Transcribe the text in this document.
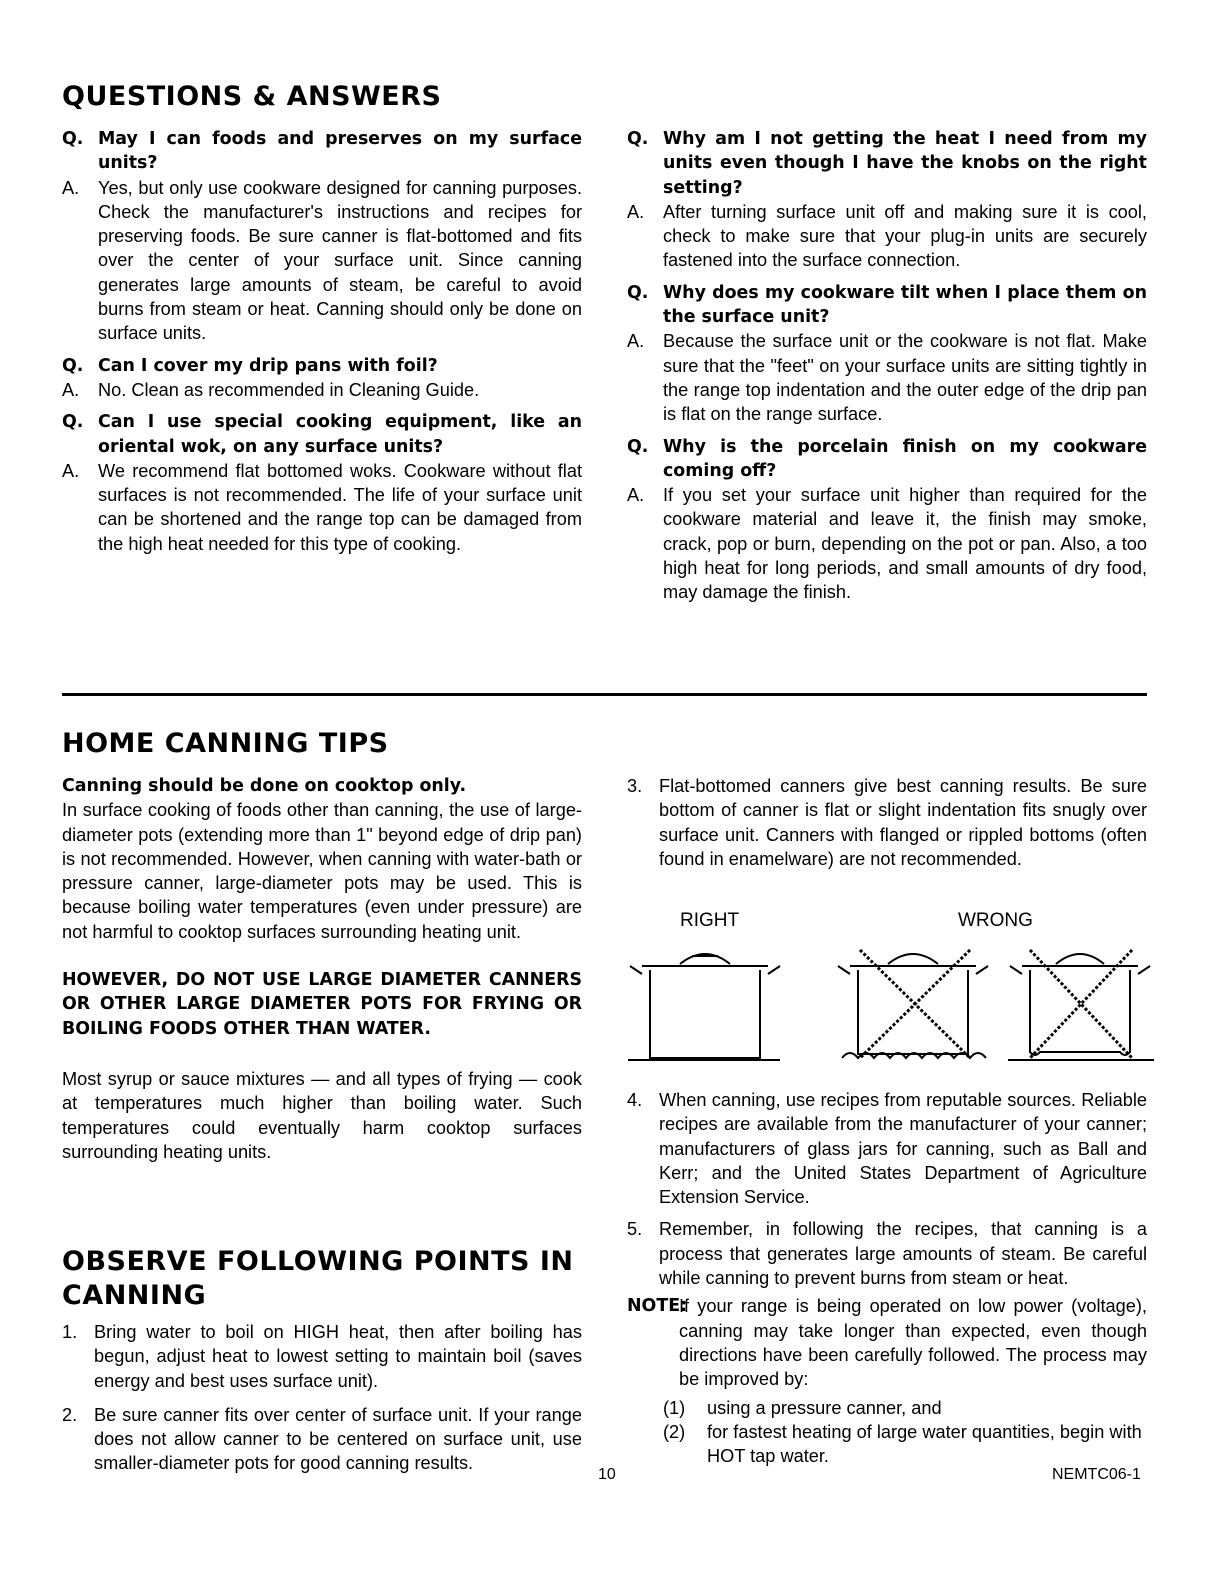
QUESTIONS & ANSWERS
Q. May I can foods and preserves on my surface units?
A. Yes, but only use cookware designed for canning purposes. Check the manufacturer's instructions and recipes for preserving foods. Be sure canner is flat-bottomed and fits over the center of your surface unit. Since canning generates large amounts of steam, be careful to avoid burns from steam or heat. Canning should only be done on surface units.
Q. Can I cover my drip pans with foil?
A. No. Clean as recommended in Cleaning Guide.
Q. Can I use special cooking equipment, like an oriental wok, on any surface units?
A. We recommend flat bottomed woks. Cookware without flat surfaces is not recommended. The life of your surface unit can be shortened and the range top can be damaged from the high heat needed for this type of cooking.
Q. Why am I not getting the heat I need from my units even though I have the knobs on the right setting?
A. After turning surface unit off and making sure it is cool, check to make sure that your plug-in units are securely fastened into the surface connection.
Q. Why does my cookware tilt when I place them on the surface unit?
A. Because the surface unit or the cookware is not flat. Make sure that the "feet" on your surface units are sitting tightly in the range top indentation and the outer edge of the drip pan is flat on the range surface.
Q. Why is the porcelain finish on my cookware coming off?
A. If you set your surface unit higher than required for the cookware material and leave it, the finish may smoke, crack, pop or burn, depending on the pot or pan. Also, a too high heat for long periods, and small amounts of dry food, may damage the finish.
HOME CANNING TIPS

Canning should be done on cooktop only.

In surface cooking of foods other than canning, the use of large-diameter pots (extending more than 1" beyond edge of drip pan) is not recommended. However, when canning with water-bath or pressure canner, large-diameter pots may be used. This is because boiling water temperatures (even under pressure) are not harmful to cooktop surfaces surrounding heating unit.

HOWEVER, DO NOT USE LARGE DIAMETER CANNERS OR OTHER LARGE DIAMETER POTS FOR FRYING OR BOILING FOODS OTHER THAN WATER.

Most syrup or sauce mixtures — and all types of frying — cook at temperatures much higher than boiling water. Such temperatures could eventually harm cooktop surfaces surrounding heating units.

OBSERVE FOLLOWING POINTS IN
CANNING
1. Bring water to boil on HIGH heat, then after boiling has begun, adjust heat to lowest setting to maintain boil (saves energy and best uses surface unit).
2. Be sure canner fits over center of surface unit. If your range does not allow canner to be centered on surface unit, use smaller-diameter pots for good canning results.
3. Flat-bottomed canners give best canning results. Be sure bottom of canner is flat or slight indentation fits snugly over surface unit. Canners with flanged or rippled bottoms (often found in enamelware) are not recommended.
RIGHT	WRONG
4. When canning, use recipes from reputable sources. Reliable recipes are available from the manufacturer of your canner; manufacturers of glass jars for canning, such as Ball and Kerr; and the United States Department of Agriculture Extension Service.
5. Remember, in following the recipes, that canning is a process that generates large amounts of steam. Be careful while canning to prevent burns from steam or heat.
NOTE:
If your range is being operated on low power (voltage), canning may take longer than expected, even though directions have been carefully followed. The process may be improved by:
(1) using a pressure canner, and
(2) for fastest heating of large water quantities, begin with HOT tap water.
10	NEMTC06-1
